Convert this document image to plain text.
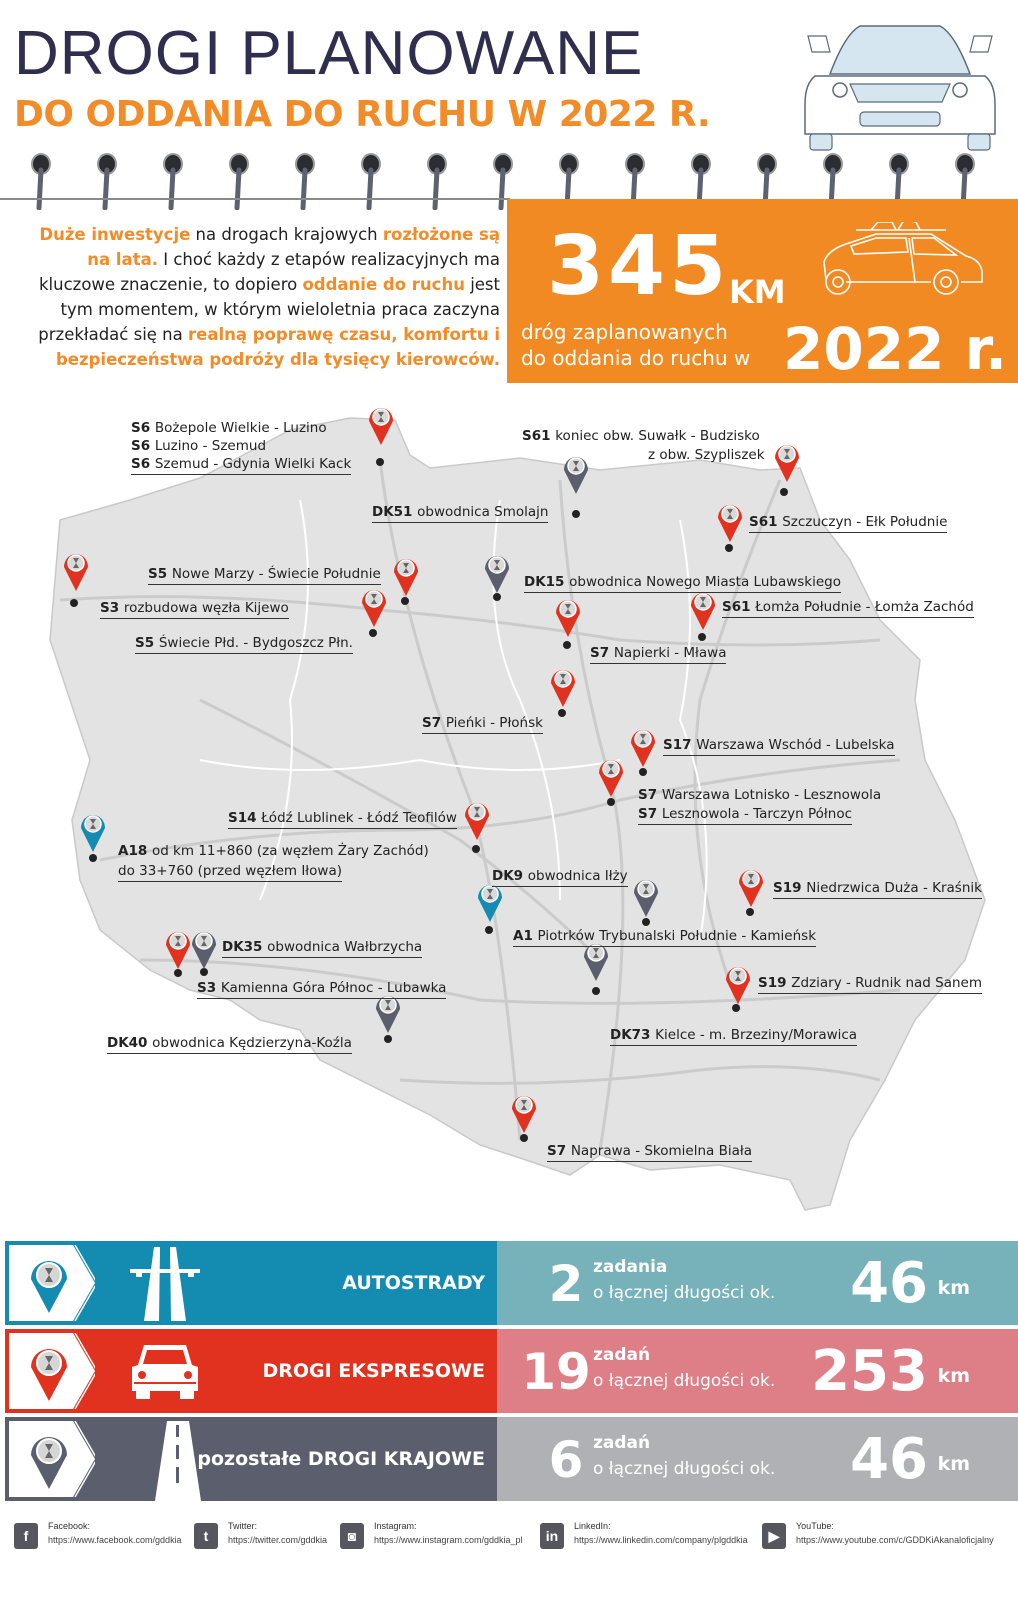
DROGI PLANOWANE
DO ODDANIA DO RUCHU W 2022 R.
Duże inwestycje na drogach krajowych rozłożone są na lata. I choć każdy z etapów realizacyjnych ma kluczowe znaczenie, to dopiero oddanie do ruchu jest tym momentem, w którym wieloletnia praca zaczyna przekładać się na realną poprawę czasu, komfortu i bezpieczeństwa podróży dla tysięcy kierowców.
345
KM
dróg zaplanowanych
do oddania do ruchu w 2022 r.
S6 Bożepole Wielkie - Luzino
S6 Luzino - Szemud
S6 Szemud - Gdynia Wielki Kack
S61 koniec obw. Suwałk - Budzisko
z obw. Szypliszek
DK51 obwodnica Smolajn
S61 Szczuczyn - Ełk Południe
S5 Nowe Marzy - Świecie Południe	DK15 obwodnica Nowego Miasta Lubawskiego
S3 rozbudowa węzła Kijewo	S61 Łomża Południe - Łomża Zachód
S5 Świecie Płd. - Bydgoszcz Płn.
S7 Napierki - Mława
S7 Pieńki - Płońsk
S17 Warszawa Wschód - Lubelska
S7 Warszawa Lotnisko - Lesznowola
S7 Lesznowola - Tarczyn Północ
S14 Łódź Lublinek - Łódź Teofilów
A18 od km 11+860 (za węzłem Żary Zachód)
do 33+760 (przed węzłem Iłowa)	DK9 obwodnica Iłży
S19 Niedrzwica Duża - Kraśnik
A1 Piotrków Trybunalski Południe - Kamieńsk
DK35 obwodnica Wałbrzycha
S19 Zdziary - Rudnik nad Sanem
S3 Kamienna Góra Północ - Lubawka
DK73 Kielce - m. Brzeziny/Morawica
DK40 obwodnica Kędzierzyna-Koźla
S7 Naprawa - Skomielna Biała
AUTOSTRADY	2 zadania
o łącznej długości ok. 46 km
DROGI EKSPRESOWE 19 zadań
o łącznej długości ok. 253 km
pozostałe DROGI KRAJOWE	6 zadań
o łącznej długości ok. 46 km
f
Facebook:
https://www.facebook.com/gddkia	t
Twitter:
https://twitter.com/gddkia	◙
Instagram:
https://www.instagram.com/gddkia_pl	in
LinkedIn:
https://www.linkedin.com/company/plgddkia	▶
YouTube:
https://www.youtube.com/c/GDDKiAkanaloficjalny
